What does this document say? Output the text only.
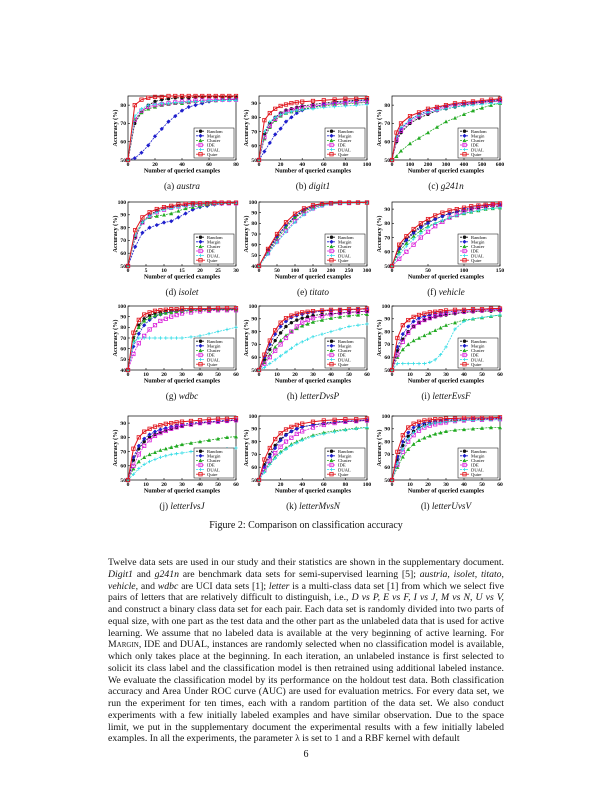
50
60
70
80
0	20	40	60	80
Number of queried examples
Accuracy (%)	Random
Margin
Cluster
IDE
DUAL
Quire
(a) austra
50
60
70
80
90
0	20	40	60	80	100
Number of queried examples
Accuracy (%)	Random
Margin
Cluster
IDE
DUAL
Quire
(b) digit1
50
60
70
80
0 100 200 300 400 500 600
Number of queried examples
Accuracy (%)	Random
Margin
Cluster
IDE
DUAL
Quire
(c) g241n
50
60
70
80
90
100
0	5 10 15 20 25 30
Number of queried examples
Accuracy (%)	Random
Margin
Cluster
IDE
DUAL
Quire
(d) isolet
40
50
60
70
80
90
100
0 50 100 150 200 250 300
Number of queried examples
Accuracy (%)	Random
Margin
Cluster
IDE
DUAL
Quire
(e) titato
50
60
70
80
90
0	50	100	150
Number of queried examples
Accuracy (%)	Random
Margin
Cluster
IDE
DUAL
Quire
(f) vehicle
40
50
60
70
80
90
100
0 10 20 30 40 50 60
Number of queried examples
Accuracy (%)	Random
Margin
Cluster
IDE
DUAL
Quire
(g) wdbc
50
60
70
80
90
100
0 10 20 30 40 50 60
Number of queried examples
Accuracy (%)	Random
Margin
Cluster
IDE
DUAL
Quire
(h) letterDvsP
50
60
70
80
90
100
0 10 20 30 40 50 60
Number of queried examples
Accuracy (%)	Random
Margin
Cluster
IDE
DUAL
Quire
(i) letterEvsF
50
60
70
80
90
0 10 20 30 40 50 60
Number of queried examples
Accuracy (%)	Random
Margin
Cluster
IDE
DUAL
Quire
(j) letterIvsJ
50
60
70
80
90
100
0	20	40	60	80	100
Number of queried examples
Accuracy (%)	Random
Margin
Cluster
IDE
DUAL
Quire
(k) letterMvsN
50
60
70
80
90
100
0 10 20 30 40 50 60
Number of queried examples
Accuracy (%)	Random
Margin
Cluster
IDE
DUAL
Quire
(l) letterUvsV
Figure 2: Comparison on classification accuracy
Twelve data sets are used in our study and their statistics are shown in the supplementary document. Digit1 and g241n are benchmark data sets for semi-supervised learning [5]; austria, isolet, titato, vehicle, and wdbc are UCI data sets [1]; letter is a multi-class data set [1] from which we select five pairs of letters that are relatively difficult to distinguish, i.e., D vs P, E vs F, I vs J, M vs N, U vs V, and construct a binary class data set for each pair. Each data set is randomly divided into two parts of equal size, with one part as the test data and the other part as the unlabeled data that is used for active learning. We assume that no labeled data is available at the very beginning of active learning. For Margin, IDE and DUAL, instances are randomly selected when no classification model is available, which only takes place at the beginning. In each iteration, an unlabeled instance is first selected to solicit its class label and the classification model is then retrained using additional labeled instance. We evaluate the classification model by its performance on the holdout test data. Both classification accuracy and Area Under ROC curve (AUC) are used for evaluation metrics. For every data set, we run the experiment for ten times, each with a random partition of the data set. We also conduct experiments with a few initially labeled examples and have similar observation. Due to the space limit, we put in the supplementary document the experimental results with a few initially labeled examples. In all the experiments, the parameter λ is set to 1 and a RBF kernel with default
6
